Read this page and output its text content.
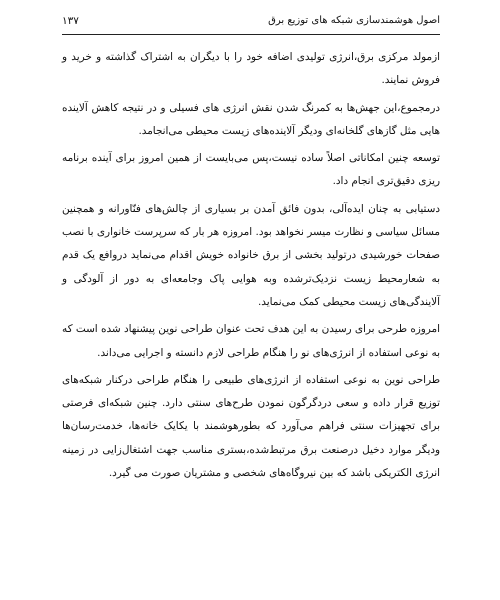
اصول هوشمندسازی شبکه های توزیع برق
۱۳۷

ازمولد مرکزی برق،انرژی تولیدی اضافه خود را با دیگران به اشتراک گذاشته و خرید و فروش نمایند.

درمجموع،این جهش‌ها به کمرنگ شدن نقش انرژی های فسیلی و در نتیجه کاهش آلاینده هایی مثل گازهای گلخانه‌ای ودیگر آلاینده‌های زیست محیطی می‌انجامد.

توسعه چنین امکاناتی اصلاً ساده نیست،پس می‌بایست از همین امروز برای آینده برنامه ریزی دقیق‌تری انجام داد.

دستیابی به چنان ایده‌آلی، بدون فائق آمدن بر بسیاری از چالش‌های فنّاورانه و همچنین مسائل سیاسی و نظارت میسر نخواهد بود. امروزه هر بار که سرپرست خانواری با نصب صفحات خورشیدی درتولید بخشی از برق خانواده خویش اقدام می‌نماید دروافع یک قدم به شعارمحیط زیست نزدیک‌ترشده وبه هوایی پاک وجامعه‌ای به دور از آلودگی و آلایندگی‌های زیست محیطی کمک می‌نماید.

امروزه طرحی برای رسیدن به این هدف تحت عنوان طراحی نوین پیشنهاد شده است که به نوعی استفاده از انرژی‌های نو را هنگام طراحی لازم دانسته و اجرایی می‌داند.

طراحی نوین به نوعی استفاده از انرژی‌های طبیعی را هنگام طراحی درکنار شبکه‌های توزیع قرار داده و سعی دردگرگون نمودن طرح‌های سنتی دارد. چنین شبکه‌ای فرصتی برای تجهیزات سنتی فراهم می‌آورد که بطورهوشمند با یکایک خانه‌ها، خدمت‌رسان‌ها ودیگر موارد دخیل درصنعت برق مرتبط‌شده،بستری مناسب جهت اشتغال‌زایی در زمینه انرژی الکتریکی باشد که بین نیروگاه‌های شخصی و مشتریان صورت می گیرد.
